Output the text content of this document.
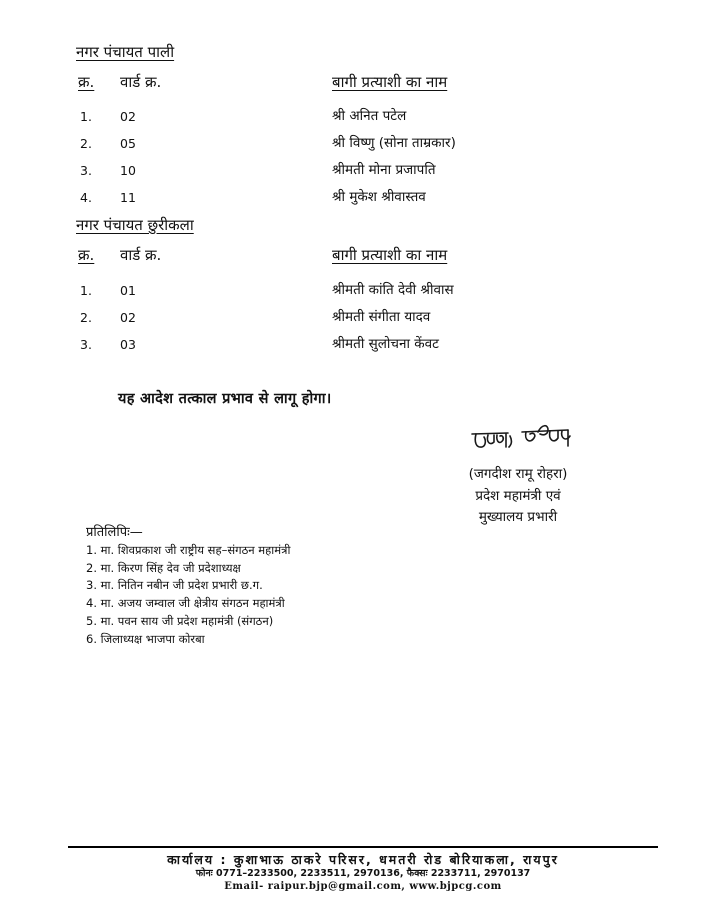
नगर पंचायत पाली
क्र. वार्ड क्र.	बागी प्रत्याशी का नाम
1. 02	श्री अनित पटेल
2. 05	श्री विष्णु (सोना ताम्रकार)
3. 10	श्रीमती मोना प्रजापति
4. 11	श्री मुकेश श्रीवास्तव
नगर पंचायत छुरीकला
क्र. वार्ड क्र.	बागी प्रत्याशी का नाम
1. 01	श्रीमती कांति देवी श्रीवास
2. 02	श्रीमती संगीता यादव
3. 03	श्रीमती सुलोचना केंवट
यह आदेश तत्काल प्रभाव से लागू होगा।
(जगदीश रामू रोहरा)
प्रदेश महामंत्री एवं
मुख्यालय प्रभारी
प्रतिलिपिः—
1. मा. शिवप्रकाश जी राष्ट्रीय सह–संगठन महामंत्री
2. मा. किरण सिंह देव जी प्रदेशाध्यक्ष
3. मा. नितिन नबीन जी प्रदेश प्रभारी छ.ग.
4. मा. अजय जम्वाल जी क्षेत्रीय संगठन महामंत्री
5. मा. पवन साय जी प्रदेश महामंत्री (संगठन)
6. जिलाध्यक्ष भाजपा कोरबा
कार्यालय : कुशाभाऊ ठाकरे परिसर, धमतरी रोड बोरियाकला, रायपुर
फोनः 0771–2233500, 2233511, 2970136, फैक्सः 2233711, 2970137
Email- raipur.bjp@gmail.com, www.bjpcg.com
